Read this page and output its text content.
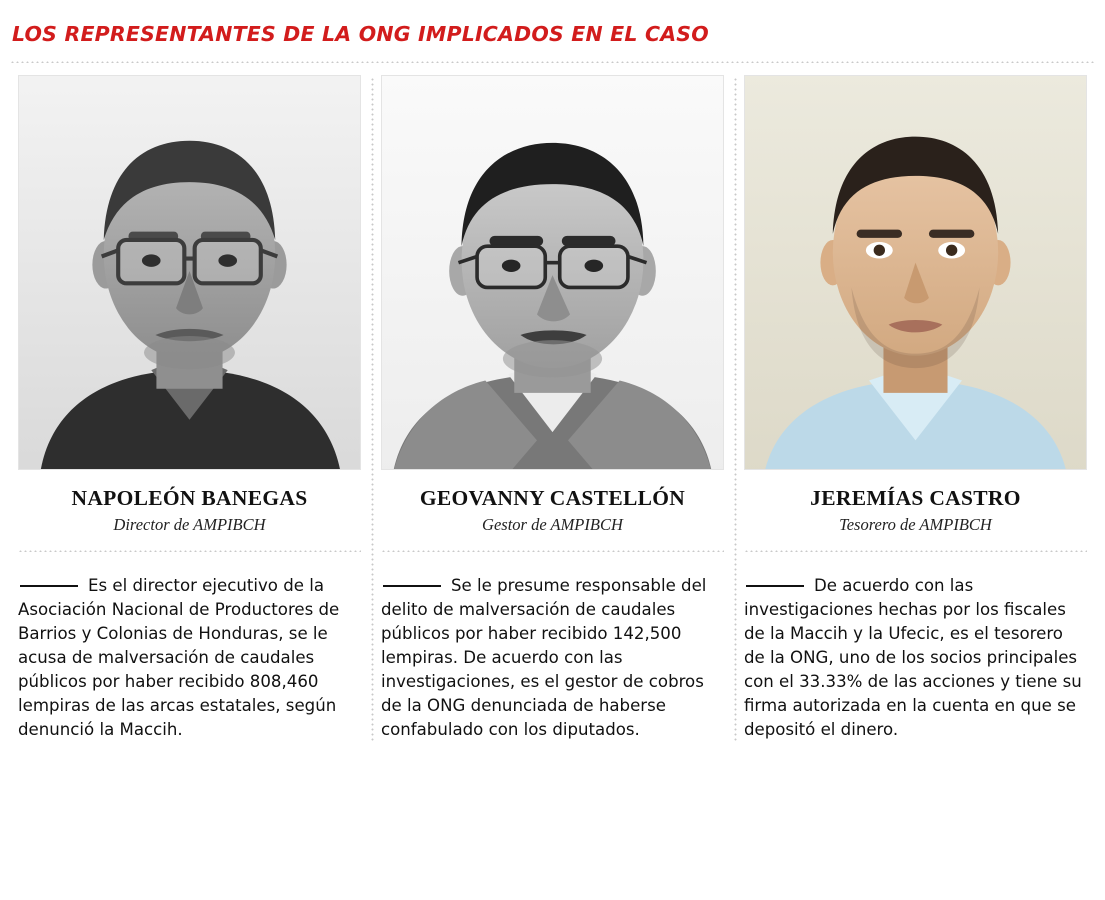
LOS REPRESENTANTES DE LA ONG IMPLICADOS EN EL CASO
NAPOLEÓN BANEGAS
Director de AMPIBCH
Es el director ejecutivo de la Asociación Nacional de Productores de Barrios y Colonias de Honduras, se le acusa de malversación de caudales públicos por haber recibido 808,460 lempiras de las arcas estatales, según denunció la Maccih.
GEOVANNY CASTELLÓN
Gestor de AMPIBCH
Se le presume responsable del delito de malversación de caudales públicos por haber recibido 142,500 lempiras. De acuerdo con las investigaciones, es el gestor de cobros de la ONG denunciada de haberse confabulado con los diputados.
JEREMÍAS CASTRO
Tesorero de AMPIBCH
De acuerdo con las investigaciones hechas por los fiscales de la Maccih y la Ufecic, es el tesorero de la ONG, uno de los socios principales con el 33.33% de las acciones y tiene su firma autorizada en la cuenta en que se depositó el dinero.
